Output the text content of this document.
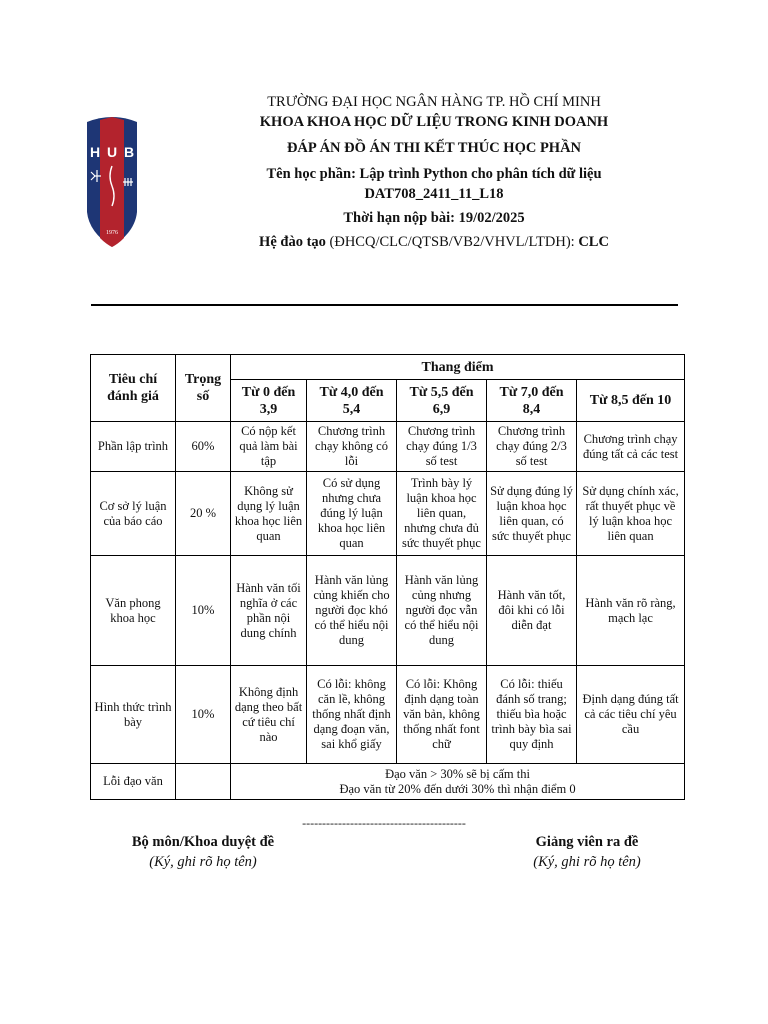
H U B
1976
TRƯỜNG ĐẠI HỌC NGÂN HÀNG TP. HỒ CHÍ MINH
KHOA KHOA HỌC DỮ LIỆU TRONG KINH DOANH
ĐÁP ÁN ĐỒ ÁN THI KẾT THÚC HỌC PHẦN
Tên học phần: Lập trình Python cho phân tích dữ liệu
DAT708_2411_11_L18
Thời hạn nộp bài: 19/02/2025
Hệ đào tạo (ĐHCQ/CLC/QTSB/VB2/VHVL/LTDH): CLC
Tiêu chí đánh giá	Trọng số	Thang điểm				
		Từ 0 đến 3,9	Từ 4,0 đến 5,4	Từ 5,5 đến 6,9	Từ 7,0 đến 8,4	Từ 8,5 đến 10
Phần lập trình	60%	Có nộp kết quả làm bài tập	Chương trình chạy không có lỗi	Chương trình chạy đúng 1/3 số test	Chương trình chạy đúng 2/3 số test	Chương trình chạy đúng tất cả các test
Cơ sở lý luận của báo cáo	20 %	Không sử dụng lý luận khoa học liên quan	Có sử dụng nhưng chưa đúng lý luận khoa học liên quan	Trình bày lý luận khoa học liên quan, nhưng chưa đủ sức thuyết phục	Sử dụng đúng lý luận khoa học liên quan, có sức thuyết phục	Sử dụng chính xác, rất thuyết phục về lý luận khoa học liên quan
Văn phong khoa học	10%	Hành văn tối nghĩa ở các phần nội dung chính	Hành văn lủng củng khiến cho người đọc khó có thể hiểu nội dung	Hành văn lủng củng nhưng người đọc vẫn có thể hiểu nội dung	Hành văn tốt, đôi khi có lỗi diễn đạt	Hành văn rõ ràng, mạch lạc
Hình thức trình bày	10%	Không định dạng theo bất cứ tiêu chí nào	Có lỗi: không căn lề, không thống nhất định dạng đoạn văn, sai khổ giấy	Có lỗi: Không định dạng toàn văn bản, không thống nhất font chữ	Có lỗi: thiếu đánh số trang; thiếu bìa hoặc trình bày bìa sai quy định	Định dạng đúng tất cả các tiêu chí yêu cầu
Lỗi đạo văn		Đạo văn > 30% sẽ bị cấm thi
Đạo văn từ 20% đến dưới 30% thì nhận điểm 0				
-----------------------------------------
Bộ môn/Khoa duyệt đề
(Ký, ghi rõ họ tên)
Giảng viên ra đề
(Ký, ghi rõ họ tên)
